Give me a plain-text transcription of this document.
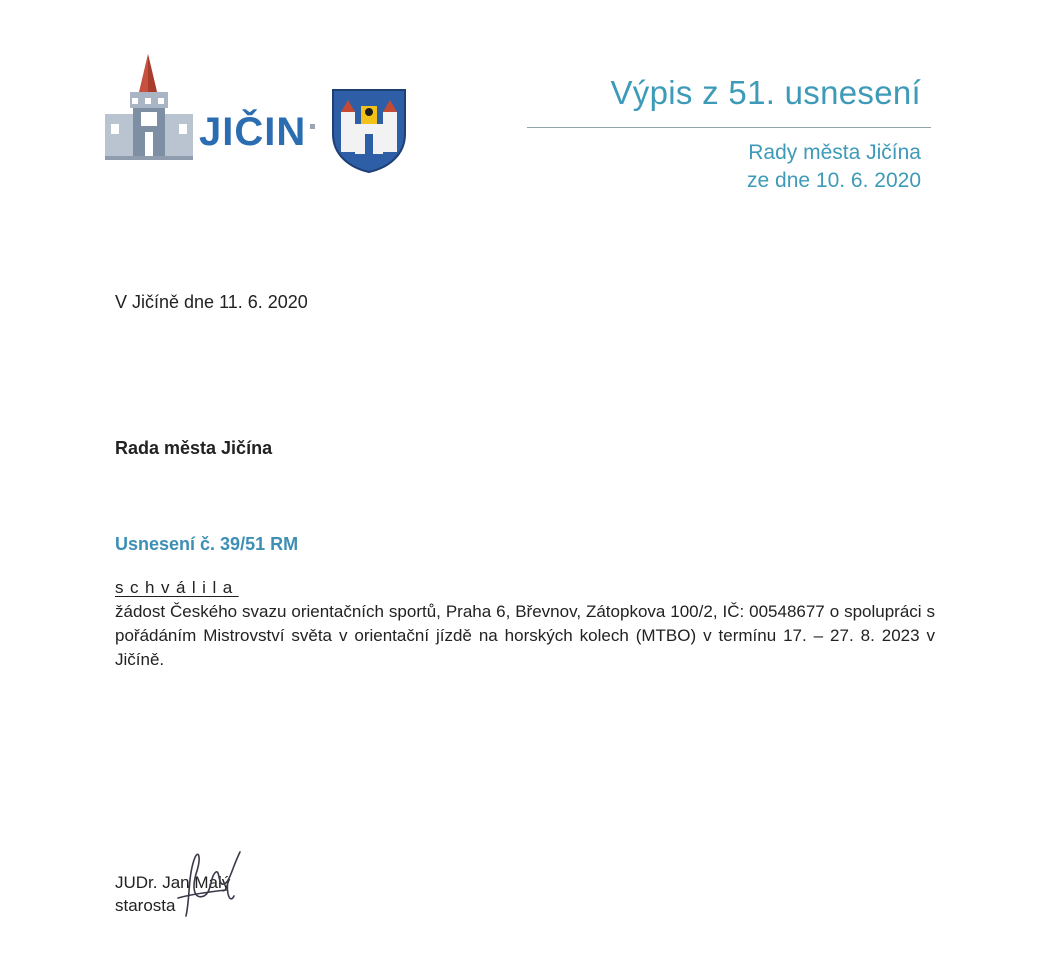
JIČIN
Výpis z 51. usnesení
Rady města Jičína
ze dne 10. 6. 2020
V Jičíně dne 11. 6. 2020
Rada města Jičína
Usnesení č. 39/51 RM
schválila
žádost Českého svazu orientačních sportů, Praha 6, Břevnov, Zátopkova 100/2, IČ: 00548677 o spolupráci s pořádáním Mistrovství světa v orientační jízdě na horských kolech (MTBO) v termínu 17. – 27. 8. 2023 v Jičíně.
JUDr. Jan Malý
starosta
